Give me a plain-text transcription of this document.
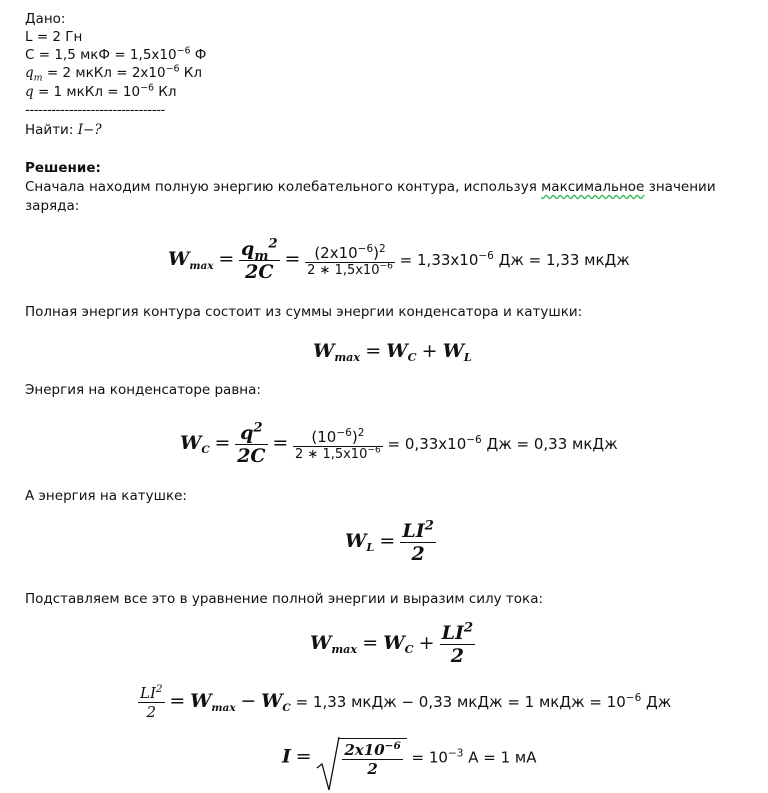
Дано:
L = 2 Гн
C = 1,5 мкФ = $1,5x10^{-6}$ Ф
$q_m = 2$ мкКл = $2x10^{-6}$ Кл
q = 1 мкКл = $10^{-6}$ Кл
--------------------------------
Найти: I−?
Решение:
Сначала находим полную энергию колебательного контура, используя максимальное значении
заряда:
$W_{max} = \frac{q_m^2}{2C} = \frac{(2x10^{-6})^2}{2 ∗ 1,5x10^{-6}} = 1,33x10^{-6}$ Дж = 1,33 мкДж
Полная энергия контура состоит из суммы энергии конденсатора и катушки:
$W_{max} = W_C + W_L$
Энергия на конденсаторе равна:
$W_C = \frac{q^2}{2C} = \frac{(10^{-6})^2}{2 ∗ 1,5x10^{-6}} = 0,33x10^{-6}$ Дж = 0,33 мкДж
А энергия на катушке:
$W_L = \frac{LI^2}{2}$
Подставляем все это в уравнение полной энергии и выразим силу тока:
$W_{max} = W_C + \frac{LI^2}{2}$
$\frac{LI^2}{2} = W_{max} - W_C = 1,33$ мкДж − 0,33 мкДж = 1 мкДж = $10^{-6}$ Дж
$I = \frac{2x10^{-6}}{2} = 10^{-3}$ A = 1 мА
